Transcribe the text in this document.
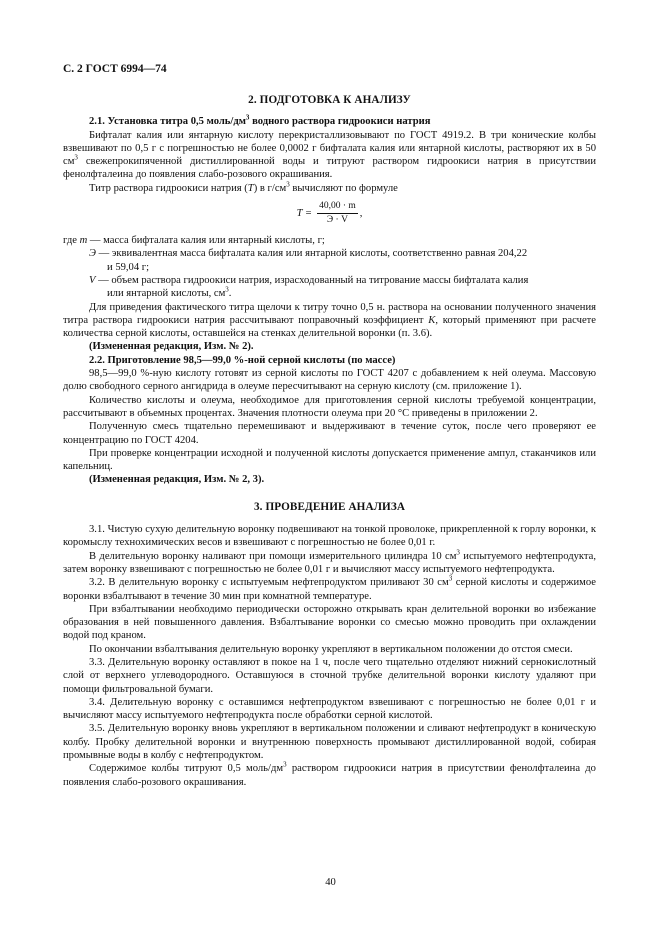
С. 2 ГОСТ 6994—74
2. ПОДГОТОВКА К АНАЛИЗУ

2.1. Установка титра 0,5 моль/$дм^3$ водного раствора гидроокиси натрия

Бифталат калия или янтарную кислоту перекристаллизовывают по ГОСТ 4919.2. В три конические колбы взвешивают по 0,5 г с погрешностью не более 0,0002 г бифталата калия или янтарной кислоты, растворяют их в 50 $см^3$ свежепрокипяченной дистиллированной воды и титруют раствором гидроокиси натрия в присутствии фенолфталеина до появления слабо-розового окрашивания.

Титр раствора гидроокиси натрия (T) в $г/см^3$ вычисляют по формуле

$T = \frac{40,00 \cdot m}{Э \cdot V}$ ,
где m — масса бифталата калия или янтарный кислоты, г;
Э — эквивалентная масса бифталата калия или янтарной кислоты, соответственно равная 204,22
и 59,04 г;
V — объем раствора гидроокиси натрия, израсходованный на титрование массы бифталата калия
или янтарной кислоты, $см^3$.

Для приведения фактического титра щелочи к титру точно 0,5 н. раствора на основании полученного значения титра раствора гидроокиси натрия рассчитывают поправочный коэффициент K, который применяют при расчете количества серной кислоты, оставшейся на стенках делительной воронки (п. 3.6).

(Измененная редакция, Изм. № 2).

2.2. Приготовление 98,5—99,0 %-ной серной кислоты (по массе)

98,5—99,0 %-ную кислоту готовят из серной кислоты по ГОСТ 4207 с добавлением к ней олеума. Массовую долю свободного серного ангидрида в олеуме пересчитывают на серную кислоту (см. приложение 1).

Количество кислоты и олеума, необходимое для приготовления серной кислоты требуемой концентрации, рассчитывают в объемных процентах. Значения плотности олеума при 20 °С приведены в приложении 2.

Полученную смесь тщательно перемешивают и выдерживают в течение суток, после чего проверяют ее концентрацию по ГОСТ 4204.

При проверке концентрации исходной и полученной кислоты допускается применение ампул, стаканчиков или капельниц.

(Измененная редакция, Изм. № 2, 3).

3. ПРОВЕДЕНИЕ АНАЛИЗА

3.1. Чистую сухую делительную воронку подвешивают на тонкой проволоке, прикрепленной к горлу воронки, к коромыслу технохимических весов и взвешивают с погрешностью не более 0,01 г.

В делительную воронку наливают при помощи измерительного цилиндра 10 $см^3$ испытуемого нефтепродукта, затем воронку взвешивают с погрешностью не более 0,01 г и вычисляют массу испытуемого нефтепродукта.

3.2. В делительную воронку с испытуемым нефтепродуктом приливают 30 $см^3$ серной кислоты и содержимое воронки взбалтывают в течение 30 мин при комнатной температуре.

При взбалтывании необходимо периодически осторожно открывать кран делительной воронки во избежание образования в ней повышенного давления. Взбалтывание воронки со смесью можно проводить при охлаждении водой под краном.

По окончании взбалтывания делительную воронку укрепляют в вертикальном положении до отстоя смеси.

3.3. Делительную воронку оставляют в покое на 1 ч, после чего тщательно отделяют нижний сернокислотный слой от верхнего углеводородного. Оставшуюся в сточной трубке делительной воронки кислоту удаляют при помощи фильтровальной бумаги.

3.4. Делительную воронку с оставшимся нефтепродуктом взвешивают с погрешностью не более 0,01 г и вычисляют массу испытуемого нефтепродукта после обработки серной кислотой.

3.5. Делительную воронку вновь укрепляют в вертикальном положении и сливают нефтепродукт в коническую колбу. Пробку делительной воронки и внутреннюю поверхность промывают дистиллированной водой, собирая промывные воды в колбу с нефтепродуктом.

Содержимое колбы титруют 0,5 моль/$дм^3$ раствором гидроокиси натрия в присутствии фенолфталеина до появления слабо-розового окрашивания.

40
